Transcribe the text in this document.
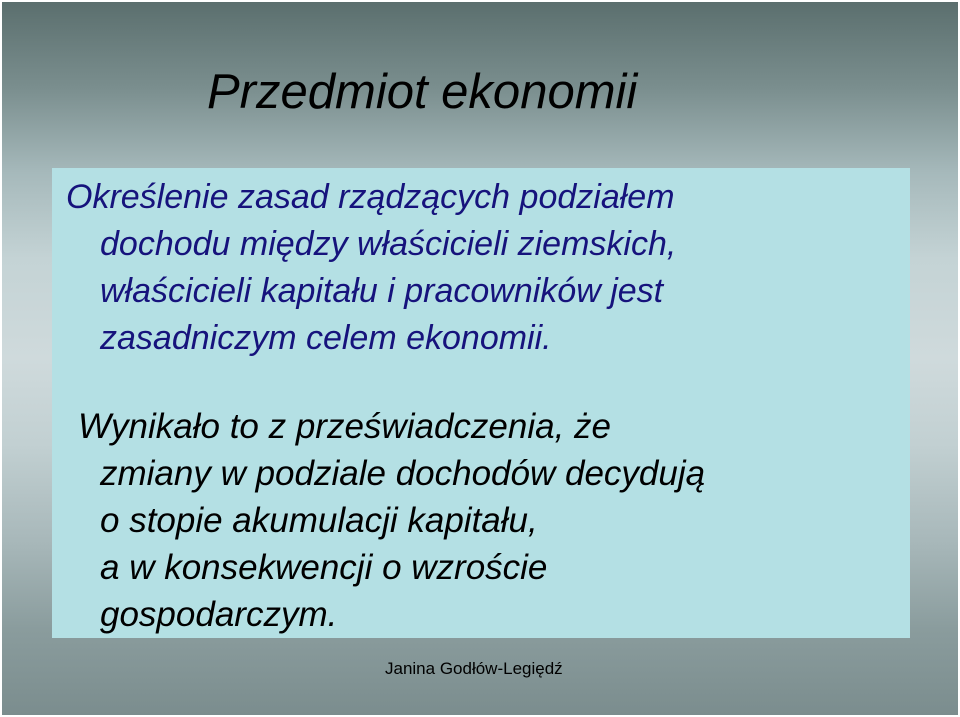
Przedmiot ekonomii

Określenie zasad rządzących podziałem
dochodu między właścicieli ziemskich,
właścicieli kapitału i pracowników jest
zasadniczym celem ekonomii.

Wynikało to z przeświadczenia, że
zmiany w podziale dochodów decydują
o stopie akumulacji kapitału,
a w konsekwencji o wzroście
gospodarczym.

Janina Godłów-Legiędź
